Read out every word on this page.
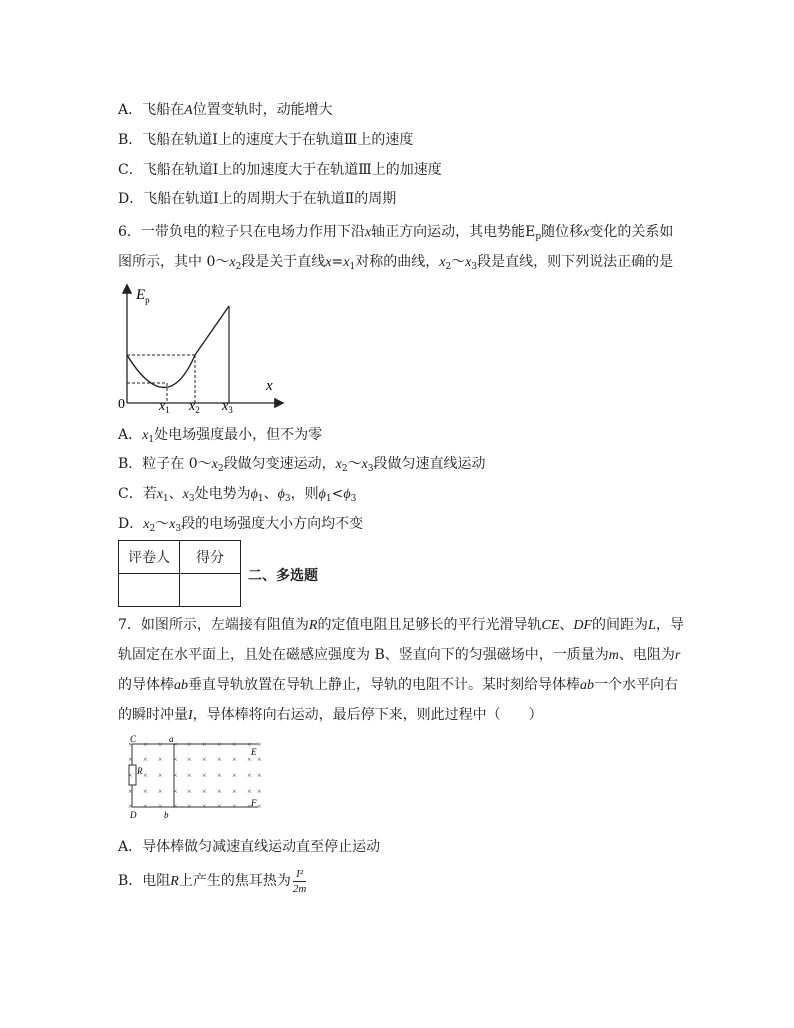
A．飞船在A位置变轨时，动能增大
B．飞船在轨道Ⅰ上的速度大于在轨道Ⅲ上的速度
C．飞船在轨道Ⅰ上的加速度大于在轨道Ⅲ上的加速度
D．飞船在轨道Ⅰ上的周期大于在轨道Ⅱ的周期
6．一带负电的粒子只在电场力作用下沿x轴正方向运动，其电势能$E_p$随位移x变化的关系如
图所示，其中 $0\sim x_2$段是关于直线$x=x_1$对称的曲线，$x_2\sim x_3$段是直线，则下列说法正确的是
$E_p$
x
0 $x_1$ $x_2$ $x_3$
A．$x_1$处电场强度最小，但不为零
B．粒子在 $0\sim x_2$段做匀变速运动，$x_2\sim x_3$段做匀速直线运动
C．若$x_1$、$x_3$处电势为$\phi_1$、$\phi_3$，则$\phi_1<\phi_3$
D．$x_2\sim x_3$段的电场强度大小方向均不变
评卷人	得分

二、多选题
7．如图所示，左端接有阻值为R的定值电阻且足够长的平行光滑导轨CE、DF的间距为L，导
轨固定在水平面上，且处在磁感应强度为 B、竖直向下的匀强磁场中，一质量为m、电阻为r
的导体棒ab垂直导轨放置在导轨上静止，导轨的电阻不计。某时刻给导体棒ab一个水平向右
的瞬时冲量I，导体棒将向右运动，最后停下来，则此过程中（　　）
× × × × × × × × × ×
× × × × × × × × × ×
× × × × × × × × × ×
× × × × × × × × × ×
× × × × × × × × × ×
C	a
E
R
F
D	b
A．导体棒做匀减速直线运动直至停止运动
B．电阻R上产生的焦耳热为 $\frac{\text{I²}}{2m}$
